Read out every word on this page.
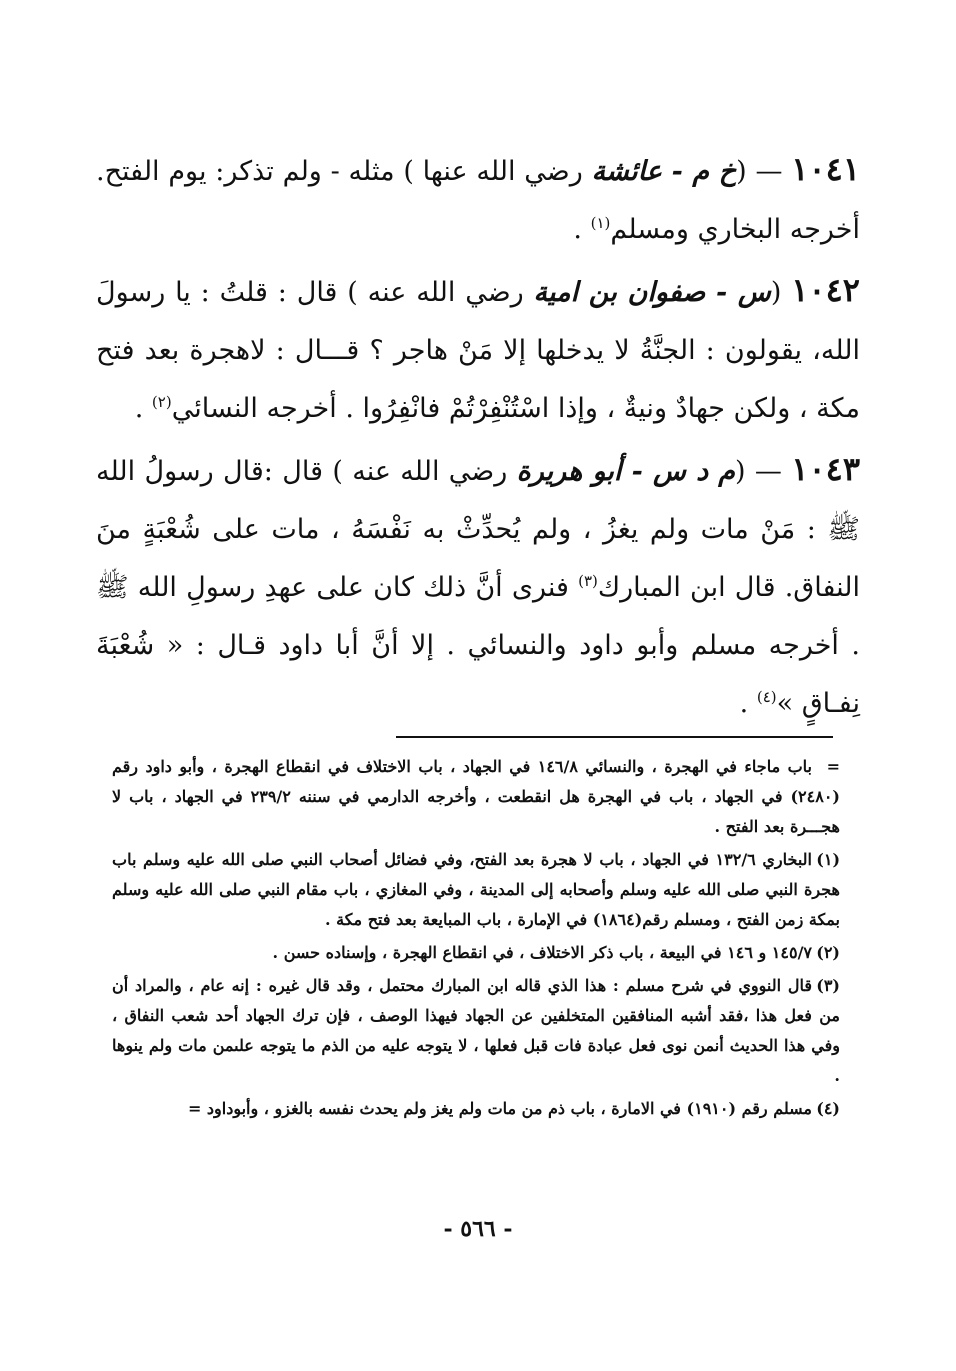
١٠٤١ — (خ م - عائشة رضي الله عنها ) مثله - ولم تذكر: يوم الفتح. أخرجه البخاري ومسلم$^{(١)}$ .

١٠٤٢ (س - صفوان بن امية رضي الله عنه ) قال : قلتُ : يا رسولَ الله، يقولون : الجنَّةُ لا يدخلها إلا مَنْ هاجر ؟ قـــال : لاهجرة بعد فتح مكة ، ولكن جهادٌ ونيةٌ ، وإذا اسْتُنْفِرْتُمْ فانْفِرُوا . أخرجه النسائي$^{(٢)}$ .

١٠٤٣ — (م د س - أبو هريرة رضي الله عنه ) قال :قال رسولُ الله ﷺ : مَنْ مات ولم يغزُ ، ولم يُحدِّثْ به نَفْسَهُ ، مات على شُعْبَةٍ منَ النفاق. قال ابن المبارك$^{(٣)}$ فنرى أنَّ ذلك كان على عهدِ رسولِ الله ﷺ . أخرجه مسلم وأبو داود والنسائي . إلا أنَّ أبا داود قـال : « شُعْبَةَ نِفـاقٍ »$^{(٤)}$ .

=باب ماجاء في الهجرة ، والنسائي ١٤٦/٨ في الجهاد ، باب الاختلاف في انقطاع الهجرة ، وأبو داود رقم (٢٤٨٠) في الجهاد ، باب في الهجرة هل انقطعت ، وأخرجه الدارمي في سننه ٢٣٩/٢ في الجهاد ، باب لا هجـــرة بعد الفتح .

(١)البخاري ١٣٢/٦ في الجهاد ، باب لا هجرة بعد الفتح، وفي فضائل أصحاب النبي صلى الله عليه وسلم باب هجرة النبي صلى الله عليه وسلم وأصحابه إلى المدينة ، وفي المغازي ، باب مقام النبي صلى الله عليه وسلم بمكة زمن الفتح ، ومسلم رقم(١٨٦٤) في الإمارة ، باب المبايعة بعد فتح مكة .

(٢)١٤٥/٧ و ١٤٦ في البيعة ، باب ذكر الاختلاف ، في انقطاع الهجرة ، وإسناده حسن .

(٣)قال النووي في شرح مسلم : هذا الذي قاله ابن المبارك محتمل ، وقد قال غيره : إنه عام ، والمراد أن من فعل هذا ،فقد أشبه المنافقين المتخلفين عن الجهاد فيهذا الوصف ، فإن ترك الجهاد أحد شعب النفاق ، وفي هذا الحديث أنمن نوى فعل عبادة فات قبل فعلها ، لا يتوجه عليه من الذم ما يتوجه علىمن مات ولم ينوها .

(٤)مسلم رقم (١٩١٠) في الامارة ، باب ذم من مات ولم يغز ولم يحدث نفسه بالغزو ، وأبوداود =

- ٥٦٦ -
